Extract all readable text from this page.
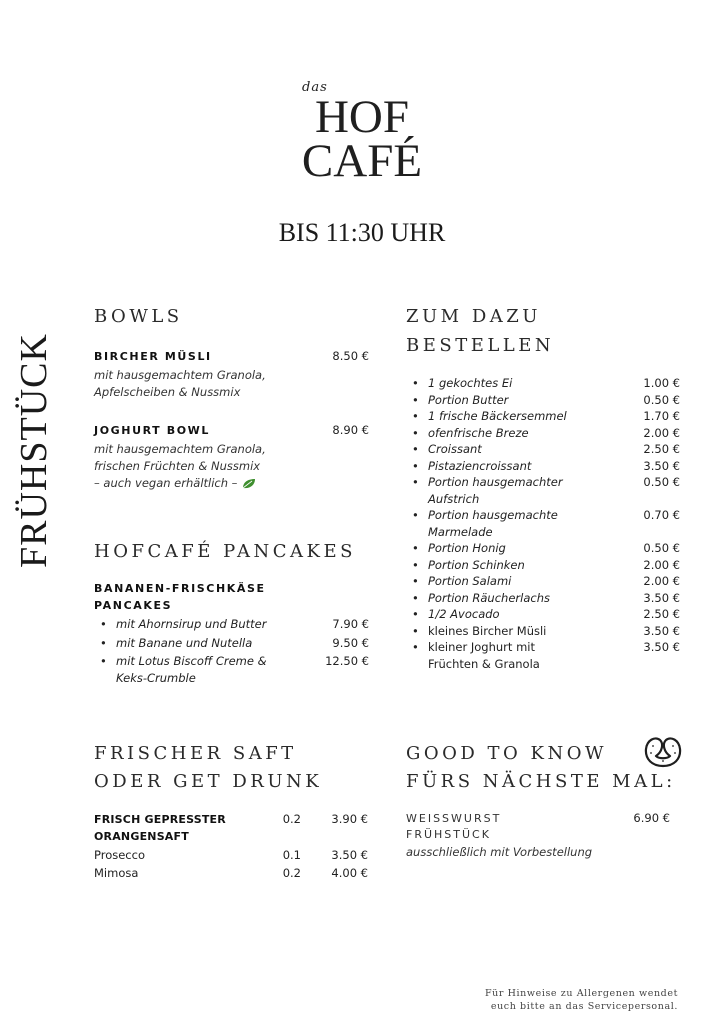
das
HOF
CAFÉ
BIS 11:30 UHR
FRÜHSTÜCK
BOWLS
BIRCHER MÜSLI	8.50 €
mit hausgemachtem Granola,
Apfelscheiben & Nussmix
JOGHURT BOWL	8.90 €
mit hausgemachtem Granola,
frischen Früchten & Nussmix
– auch vegan erhältlich –
HOFCAFÉ PANCAKES
BANANEN-FRISCHKÄSE
PANCAKES
• mit Ahornsirup und Butter	7.90 €
• mit Banane und Nutella	9.50 €
• mit Lotus Biscoff Creme &
Keks-Crumble
12.50 €
ZUM DAZU
BESTELLEN
• 1 gekochtes Ei	1.00 €
• Portion Butter	0.50 €
• 1 frische Bäckersemmel	1.70 €
• ofenfrische Breze	2.00 €
• Croissant	2.50 €
• Pistaziencroissant	3.50 €
• Portion hausgemachter
Aufstrich
0.50 €
• Portion hausgemachte
Marmelade
0.70 €
• Portion Honig	0.50 €
• Portion Schinken	2.00 €
• Portion Salami	2.00 €
• Portion Räucherlachs	3.50 €
• 1/2 Avocado	2.50 €
• kleines Bircher Müsli	3.50 €
• kleiner Joghurt mit
Früchten & Granola
3.50 €
FRISCHER SAFT
ODER GET DRUNK
FRISCH GEPRESSTER
ORANGENSAFT
0.2	3.90 €
Prosecco	0.1	3.50 €
Mimosa	0.2	4.00 €
GOOD TO KNOW
FÜRS NÄCHSTE MAL:
WEISSWURST
FRÜHSTÜCK
6.90 €
ausschließlich mit Vorbestellung
Für Hinweise zu Allergenen wendet
euch bitte an das Servicepersonal.
